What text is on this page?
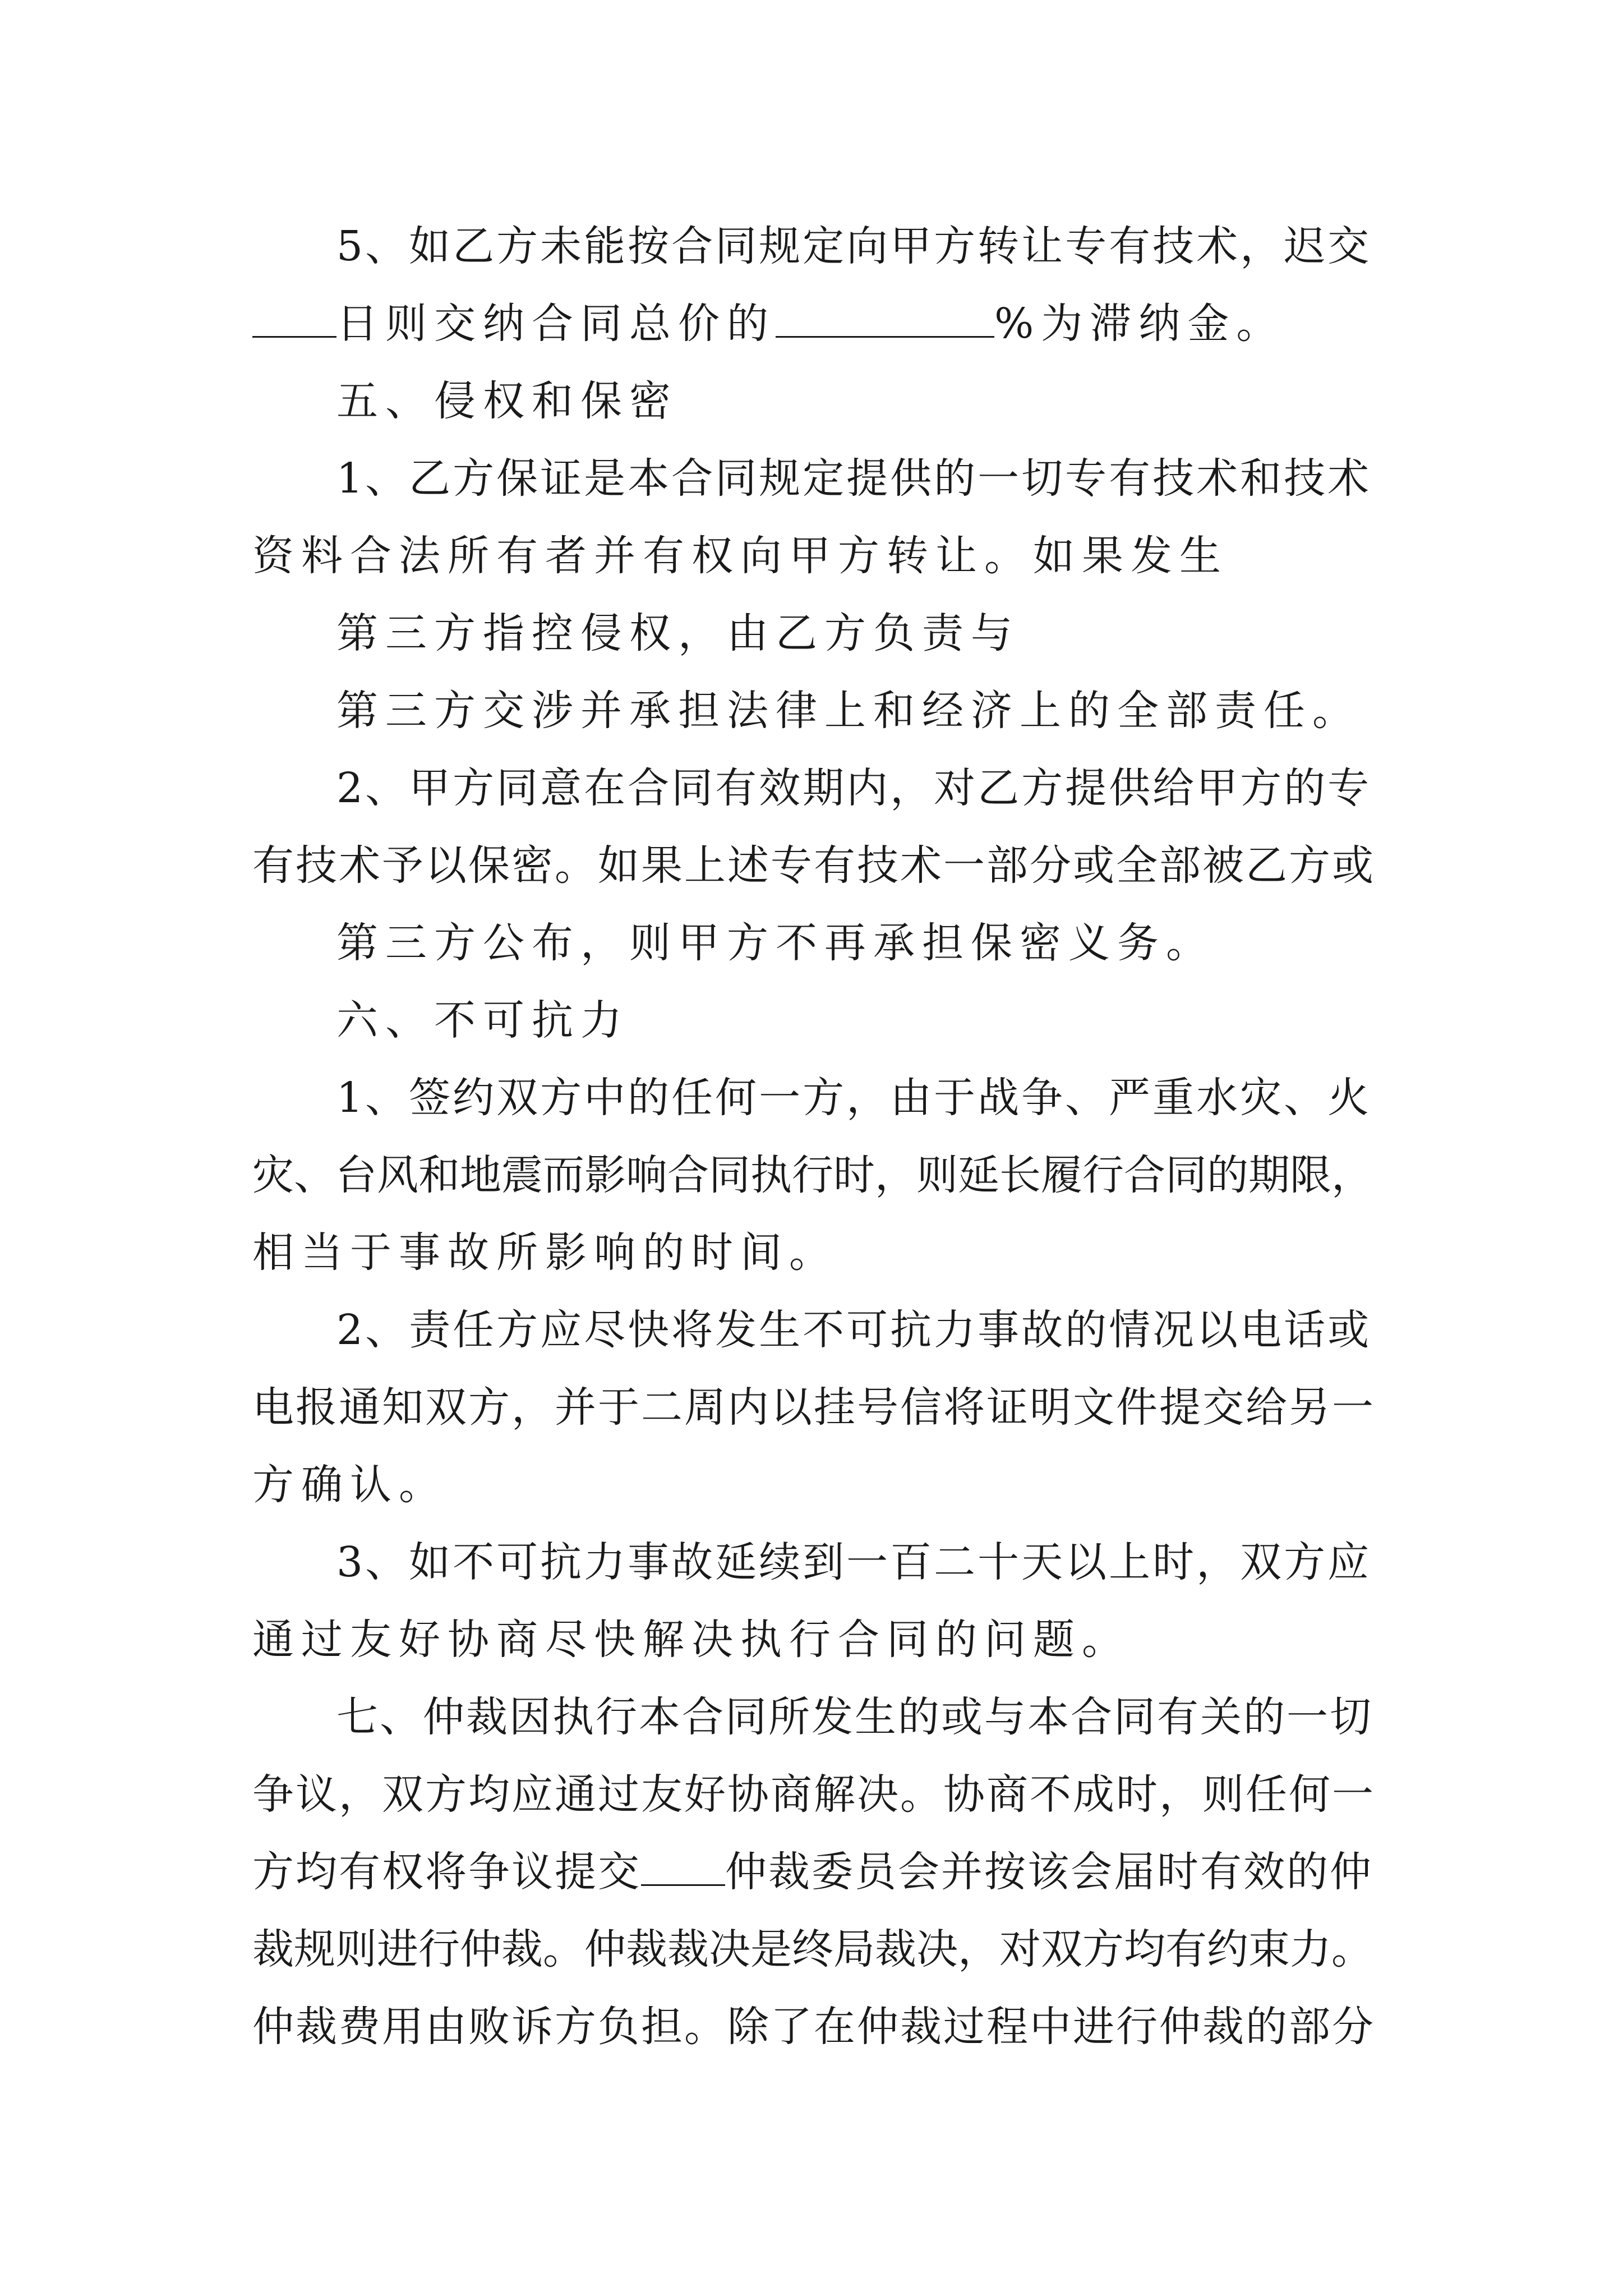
5、如乙方未能按合同规定向甲方转让专有技术，迟交
日则交纳合同总价的	%为滞纳金。
五、侵权和保密
1、乙方保证是本合同规定提供的一切专有技术和技术
资料合法所有者并有权向甲方转让。如果发生
第三方指控侵权，由乙方负责与
第三方交涉并承担法律上和经济上的全部责任。
2、甲方同意在合同有效期内，对乙方提供给甲方的专
有技术予以保密。如果上述专有技术一部分或全部被乙方或
第三方公布，则甲方不再承担保密义务。
六、不可抗力
1、签约双方中的任何一方，由于战争、严重水灾、火
灾、台风和地震而影响合同执行时，则延长履行合同的期限，
相当于事故所影响的时间。
2、责任方应尽快将发生不可抗力事故的情况以电话或
电报通知双方，并于二周内以挂号信将证明文件提交给另一
方确认。
3、如不可抗力事故延续到一百二十天以上时，双方应
通过友好协商尽快解决执行合同的问题。
七、仲裁因执行本合同所发生的或与本合同有关的一切
争议，双方均应通过友好协商解决。协商不成时，则任何一
方均有权将争议提交 仲裁委员会并按该会届时有效的仲
裁规则进行仲裁。仲裁裁决是终局裁决，对双方均有约束力。
仲裁费用由败诉方负担。除了在仲裁过程中进行仲裁的部分
